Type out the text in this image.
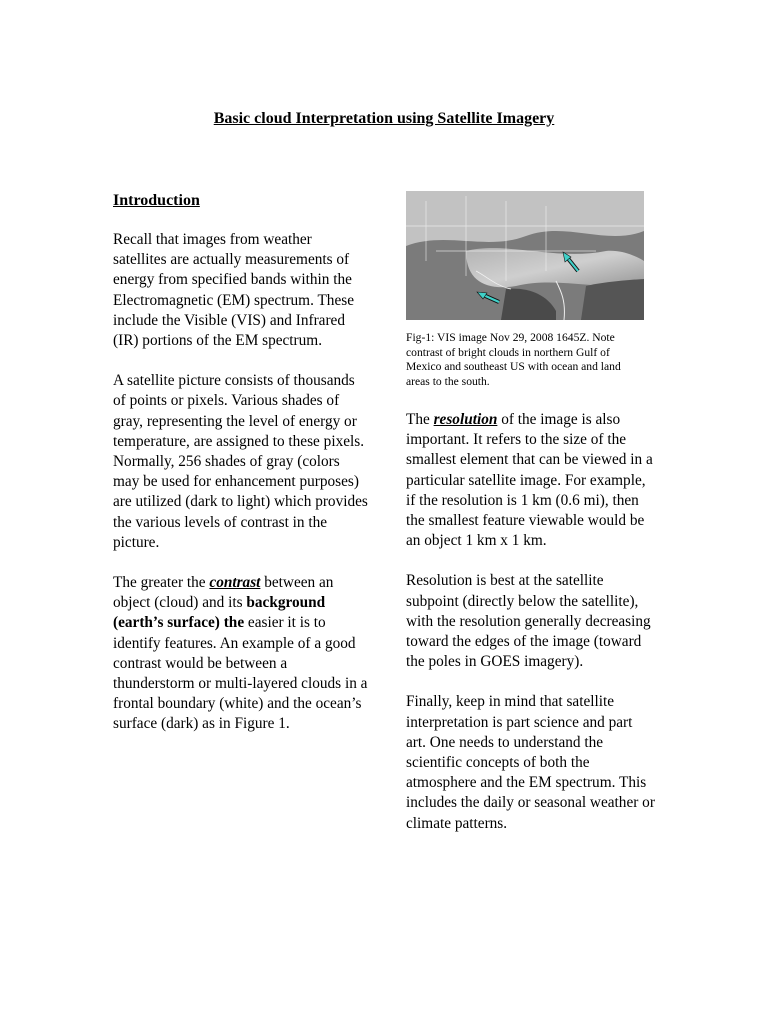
Basic cloud Interpretation using Satellite Imagery
Introduction

Recall that images from weather satellites are actually measurements of energy from specified bands within the Electromagnetic (EM) spectrum. These include the Visible (VIS) and Infrared (IR) portions of the EM spectrum.

A satellite picture consists of thousands of points or pixels. Various shades of gray, representing the level of energy or temperature, are assigned to these pixels. Normally, 256 shades of gray (colors may be used for enhancement purposes) are utilized (dark to light) which provides the various levels of contrast in the picture.

The greater the contrast between an object (cloud) and its background (earth’s surface) the easier it is to identify features. An example of a good contrast would be between a thunderstorm or multi-layered clouds in a frontal boundary (white) and the ocean’s surface (dark) as in Figure 1.

Fig-1: VIS image Nov 29, 2008 1645Z. Note contrast of bright clouds in northern Gulf of Mexico and southeast US with ocean and land areas to the south.

The resolution of the image is also important. It refers to the size of the smallest element that can be viewed in a particular satellite image. For example, if the resolution is 1 km (0.6 mi), then the smallest feature viewable would be an object 1 km x 1 km.

Resolution is best at the satellite subpoint (directly below the satellite), with the resolution generally decreasing toward the edges of the image (toward the poles in GOES imagery).

Finally, keep in mind that satellite interpretation is part science and part art. One needs to understand the scientific concepts of both the atmosphere and the EM spectrum. This includes the daily or seasonal weather or climate patterns.
